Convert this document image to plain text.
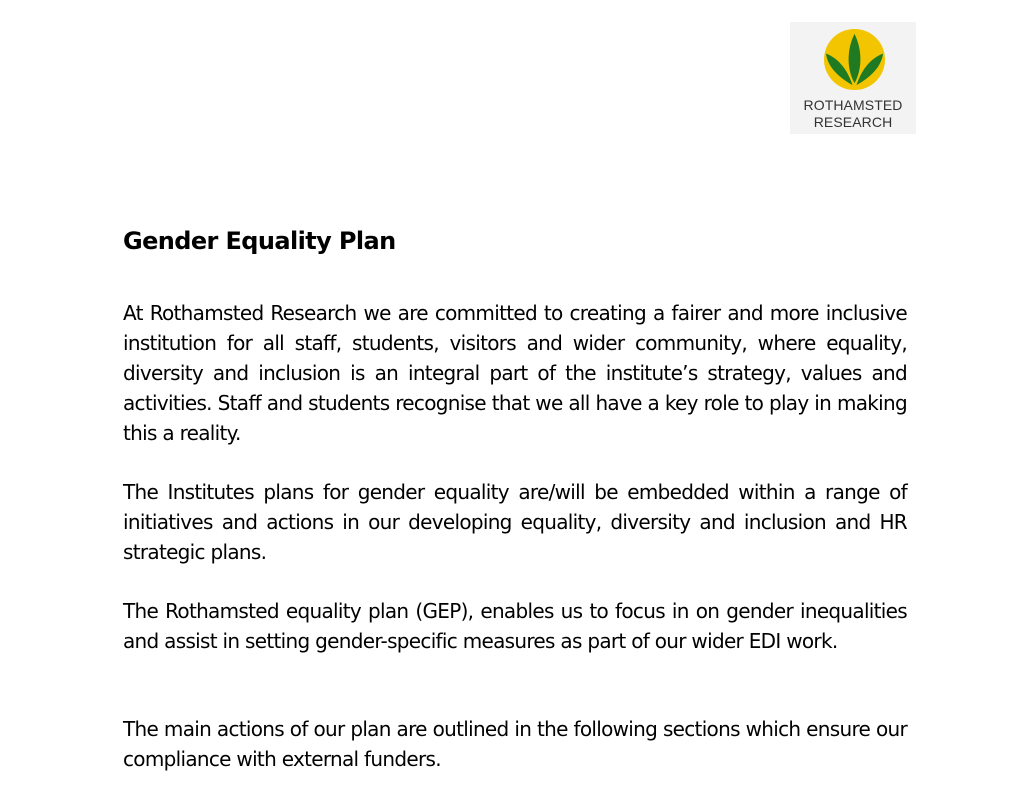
ROTHAMSTED
RESEARCH
Gender Equality Plan

At Rothamsted Research we are committed to creating a fairer and more inclusive institution for all staff, students, visitors and wider community, where equality, diversity and inclusion is an integral part of the institute’s strategy, values and activities. Staff and students recognise that we all have a key role to play in making this a reality.

The Institutes plans for gender equality are/will be embedded within a range of initiatives and actions in our developing equality, diversity and inclusion and HR strategic plans.

The Rothamsted equality plan (GEP), enables us to focus in on gender inequalities and assist in setting gender-specific measures as part of our wider EDI work.

The main actions of our plan are outlined in the following sections which ensure our compliance with external funders.
